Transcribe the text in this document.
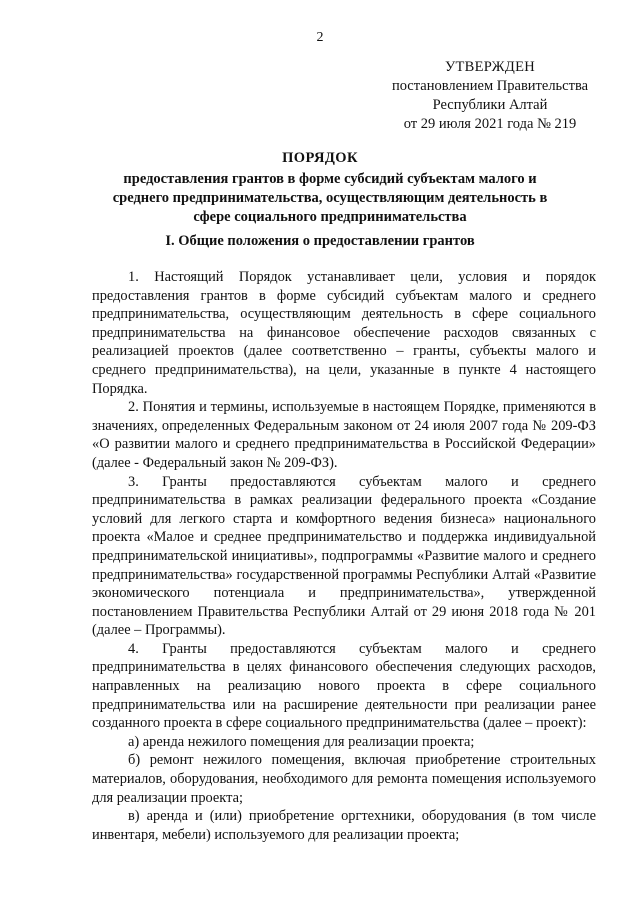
2
УТВЕРЖДЕН
постановлением Правительства
Республики Алтай
от 29 июля 2021 года № 219
ПОРЯДОК
предоставления грантов в форме субсидий субъектам малого и среднего предпринимательства, осуществляющим деятельность в сфере социального предпринимательства
I. Общие положения о предоставлении грантов

1. Настоящий Порядок устанавливает цели, условия и порядок предоставления грантов в форме субсидий субъектам малого и среднего предпринимательства, осуществляющим деятельность в сфере социального предпринимательства на финансовое обеспечение расходов связанных с реализацией проектов (далее соответственно – гранты, субъекты малого и среднего предпринимательства), на цели, указанные в пункте 4 настоящего Порядка.

2. Понятия и термины, используемые в настоящем Порядке, применяются в значениях, определенных Федеральным законом от 24 июля 2007 года № 209-ФЗ «О развитии малого и среднего предпринимательства в Российской Федерации» (далее - Федеральный закон № 209-ФЗ).

3. Гранты предоставляются субъектам малого и среднего предпринимательства в рамках реализации федерального проекта «Создание условий для легкого старта и комфортного ведения бизнеса» национального проекта «Малое и среднее предпринимательство и поддержка индивидуальной предпринимательской инициативы», подпрограммы «Развитие малого и среднего предпринимательства» государственной программы Республики Алтай «Развитие экономического потенциала и предпринимательства», утвержденной постановлением Правительства Республики Алтай от 29 июня 2018 года № 201 (далее – Программы).

4. Гранты предоставляются субъектам малого и среднего предпринимательства в целях финансового обеспечения следующих расходов, направленных на реализацию нового проекта в сфере социального предпринимательства или на расширение деятельности при реализации ранее созданного проекта в сфере социального предпринимательства (далее – проект):

а) аренда нежилого помещения для реализации проекта;

б) ремонт нежилого помещения, включая приобретение строительных материалов, оборудования, необходимого для ремонта помещения используемого для реализации проекта;

в) аренда и (или) приобретение оргтехники, оборудования (в том числе инвентаря, мебели) используемого для реализации проекта;
